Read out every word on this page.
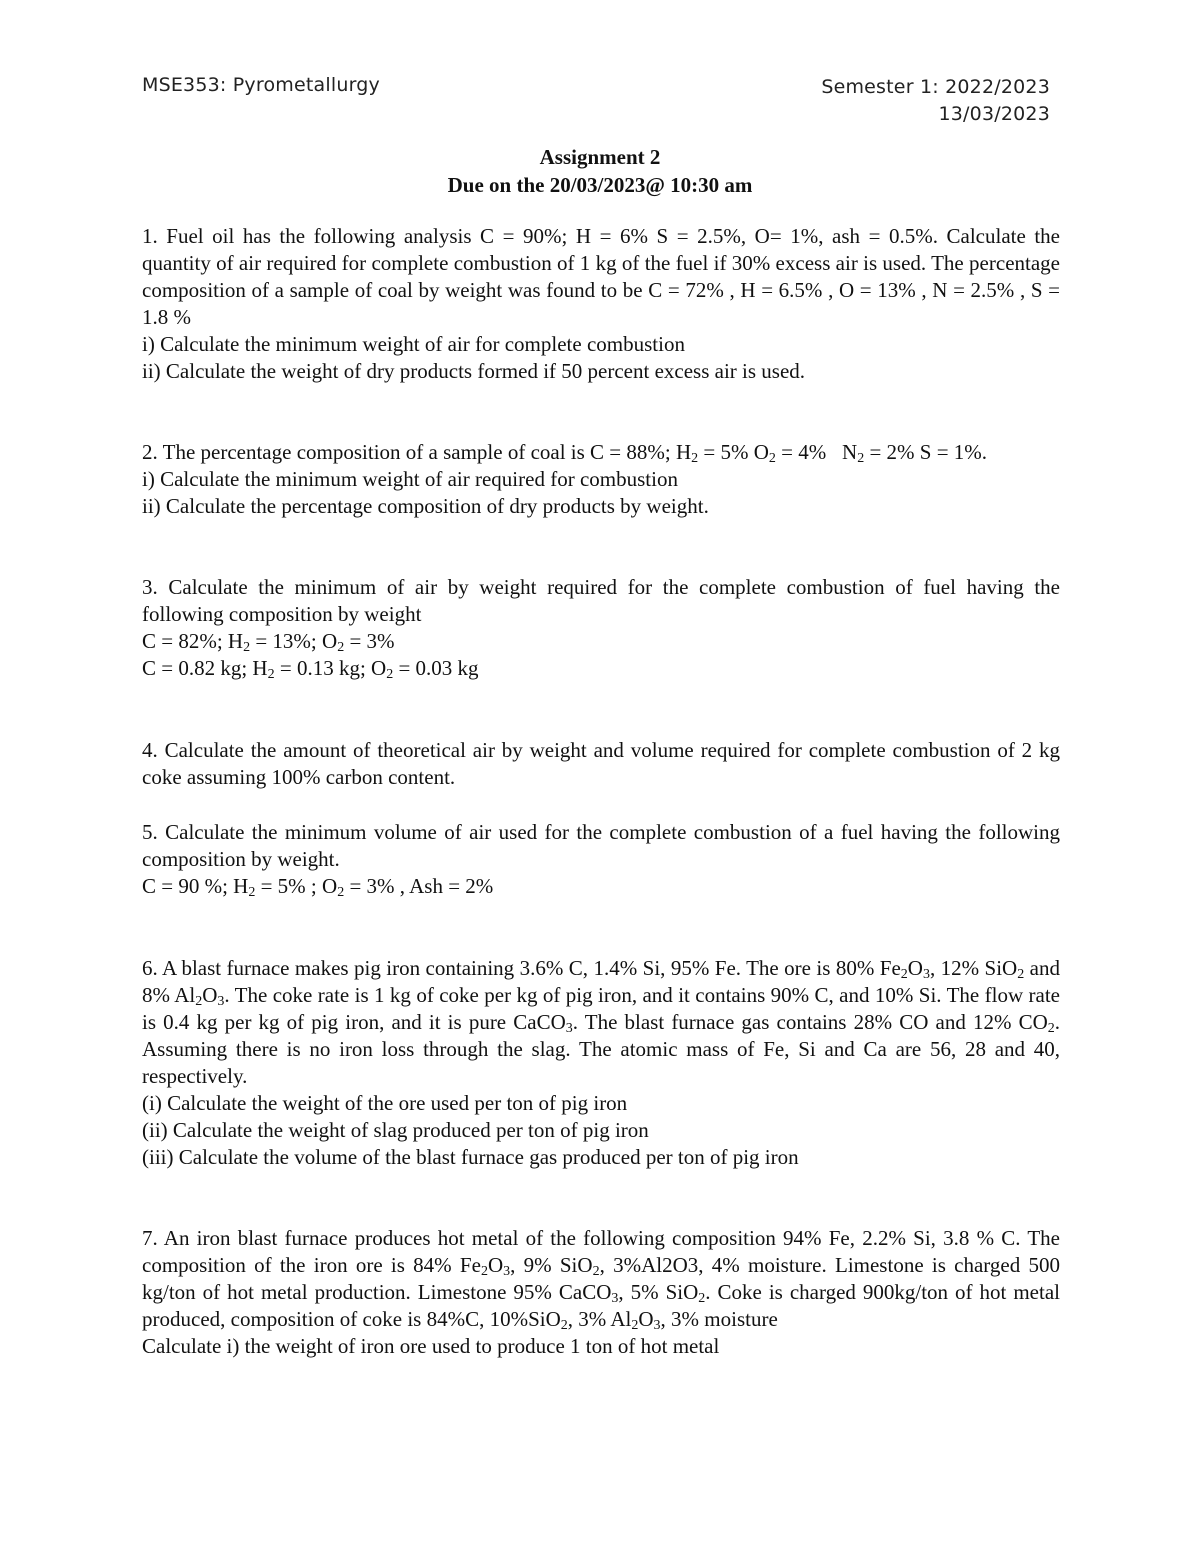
MSE353: Pyrometallurgy	Semester 1: 2022/2023
13/03/2023
Assignment 2
Due on the 20/03/2023@ 10:30 am

1. Fuel oil has the following analysis C = 90%; H = 6% S = 2.5%, O= 1%, ash = 0.5%. Calculate the quantity of air required for complete combustion of 1 kg of the fuel if 30% excess air is used. The percentage composition of a sample of coal by weight was found to be C = 72% , H = 6.5% , O = 13% , N = 2.5% , S = 1.8 %

i) Calculate the minimum weight of air for complete combustion

ii) Calculate the weight of dry products formed if 50 percent excess air is used.

2. The percentage composition of a sample of coal is C = 88%; $H_2 = 5\%$ $O_2 = 4\%$   $N_2 = 2\%$ S = 1%.

i) Calculate the minimum weight of air required for combustion

ii) Calculate the percentage composition of dry products by weight.

3. Calculate the minimum of air by weight required for the complete combustion of fuel having the following composition by weight

C = 82%; $H_2 = 13\%$; $O_2 = 3\%$

C = 0.82 kg; $H_2 = 0.13$ kg; $O_2 = 0.03$ kg

4. Calculate the amount of theoretical air by weight and volume required for complete combustion of 2 kg coke assuming 100% carbon content.

5. Calculate the minimum volume of air used for the complete combustion of a fuel having the following composition by weight.

C = 90 %; $H_2 = 5\%$ ; $O_2 = 3\%$ , Ash = 2%

6. A blast furnace makes pig iron containing 3.6% C, 1.4% Si, 95% Fe. The ore is 80% $Fe_2O_3$, 12% SiO$_2$ and 8% $Al_2O_3$. The coke rate is 1 kg of coke per kg of pig iron, and it contains 90% C, and 10% Si. The flow rate is 0.4 kg per kg of pig iron, and it is pure CaCO$_3$. The blast furnace gas contains 28% CO and 12% $CO_2$. Assuming there is no iron loss through the slag. The atomic mass of Fe, Si and Ca are 56, 28 and 40, respectively.

(i) Calculate the weight of the ore used per ton of pig iron

(ii) Calculate the weight of slag produced per ton of pig iron

(iii) Calculate the volume of the blast furnace gas produced per ton of pig iron

7. An iron blast furnace produces hot metal of the following composition 94% Fe, 2.2% Si, 3.8 % C. The composition of the iron ore is 84% $Fe_2O_3$, 9% SiO$_2$, 3%Al2O3, 4% moisture. Limestone is charged 500 kg/ton of hot metal production. Limestone 95% CaCO$_3$, 5% SiO$_2$. Coke is charged 900kg/ton of hot metal produced, composition of coke is 84%C, 10%SiO$_2$, 3% $Al_2O_3$, 3% moisture

Calculate i) the weight of iron ore used to produce 1 ton of hot metal
